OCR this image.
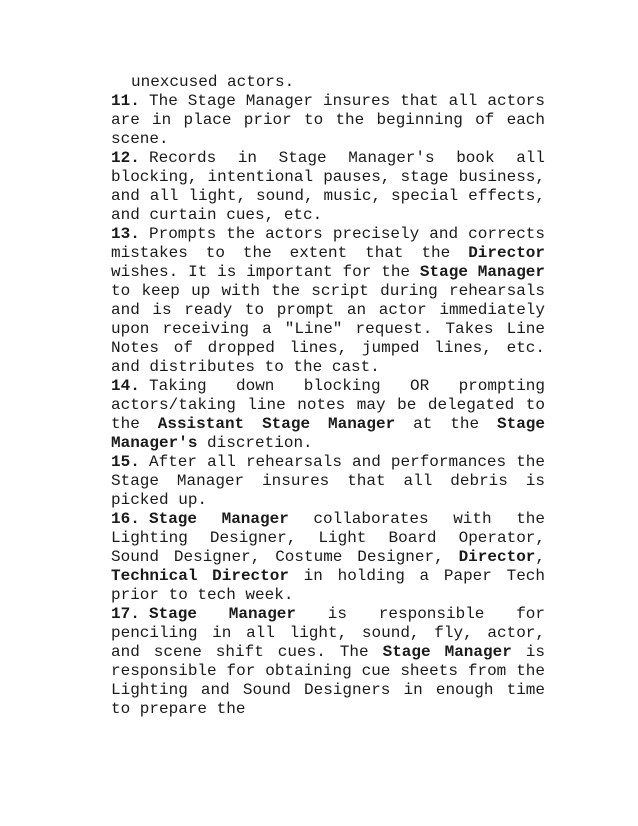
unexcused actors.
11. The Stage Manager insures that all actors are in place prior to the beginning of each scene.
12. Records in Stage Manager's book all blocking, intentional pauses, stage business, and all light, sound, music, special effects, and curtain cues, etc.
13. Prompts the actors precisely and corrects mistakes to the extent that the Director wishes. It is important for the Stage Manager to keep up with the script during rehearsals and is ready to prompt an actor immediately upon receiving a "Line" request. Takes Line Notes of dropped lines, jumped lines, etc. and distributes to the cast.
14. Taking down blocking OR prompting actors/taking line notes may be delegated to the Assistant Stage Manager at the Stage Manager's discretion.
15. After all rehearsals and performances the Stage Manager insures that all debris is picked up.
16. Stage Manager collaborates with the Lighting Designer, Light Board Operator, Sound Designer, Costume Designer, Director, Technical Director in holding a Paper Tech prior to tech week.
17. Stage Manager is responsible for penciling in all light, sound, fly, actor, and scene shift cues. The Stage Manager is responsible for obtaining cue sheets from the Lighting and Sound Designers in enough time to prepare the
